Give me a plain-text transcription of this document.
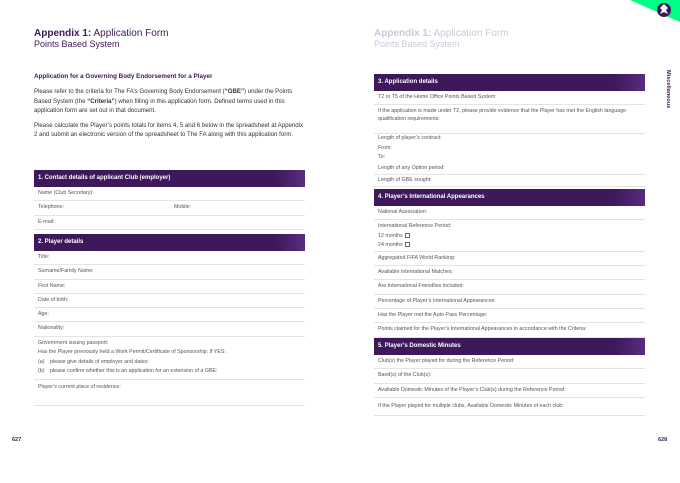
Appendix 1: Application Form
Points Based System
Application for a Governing Body Endorsement for a Player

Please refer to the criteria for The FA’s Governing Body Endorsement (“GBE”) under the Points Based System (the “Criteria”) when filling in this application form. Defined terms used in this application form are set out in that document.

Please calculate the Player’s points totals for items 4, 5 and 6 below in the spreadsheet at Appendix 2 and submit an electronic version of the spreadsheet to The FA along with this application form.

1. Contact details of applicant Club (employer)
Name (Club Secretary):
Telephone:	Mobile:
E-mail:
2. Player details
Title:
Surname/Family Name:
First Name:
Date of birth:
Age:
Nationality:
Government issuing passport:
Has the Player previously held a Work Permit/Certificate of Sponsorship: If YES:
(a) please give details of employer and dates:
(b) please confirm whether this is an application for an extension of a GBE:
Player’s current place of residence:
627
3. Application details
T2 or T5 of the Home Office Points Based System:
If the application is made under T2, please provide evidence that the Player has met the English language qualification requirements:
Length of player’s contract:
From:
To:
Length of any Option period:
Length of GBE sought:
4. Player’s International Appearances
National Association:
International Reference Period:
12 months
24 months
Aggregated FIFA World Ranking:
Available International Matches:
Are International Friendlies included:
Percentage of Player’s International Appearances:
Has the Player met the Auto Pass Percentage:
Points claimed for the Player’s International Appearances in accordance with the Criteria:
5. Player’s Domestic Minutes
Club(s) the Player played for during the Reference Period:
Band(s) of the Club(s):
Available Domestic Minutes of the Player’s Club(s) during the Reference Period:
If the Player played for multiple clubs, Available Domestic Minutes of each club:
628
Appendix 1: Application Form
Points Based System
Miscellaneous
